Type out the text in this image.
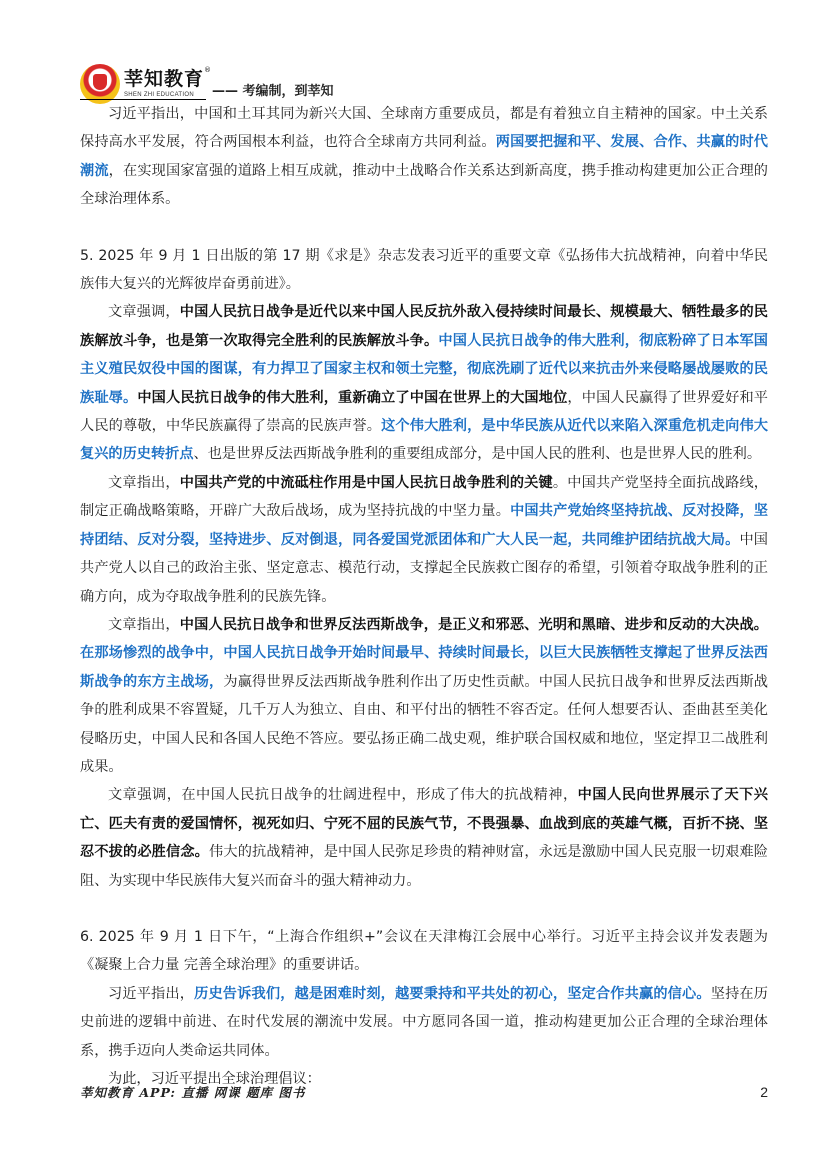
莘知教育 ®
SHEN ZHI EDUCATION	—— 考编制，到莘知

习近平指出，中国和土耳其同为新兴大国、全球南方重要成员，都是有着独立自主精神的国家。中土关系保持高水平发展，符合两国根本利益，也符合全球南方共同利益。两国要把握和平、发展、合作、共赢的时代潮流，在实现国家富强的道路上相互成就，推动中土战略合作关系达到新高度，携手推动构建更加公正合理的全球治理体系。

5. 2025 年 9 月 1 日出版的第 17 期《求是》杂志发表习近平的重要文章《弘扬伟大抗战精神，向着中华民族伟大复兴的光辉彼岸奋勇前进》。

文章强调，中国人民抗日战争是近代以来中国人民反抗外敌入侵持续时间最长、规模最大、牺牲最多的民族解放斗争，也是第一次取得完全胜利的民族解放斗争。中国人民抗日战争的伟大胜利，彻底粉碎了日本军国主义殖民奴役中国的图谋，有力捍卫了国家主权和领土完整，彻底洗刷了近代以来抗击外来侵略屡战屡败的民族耻辱。中国人民抗日战争的伟大胜利，重新确立了中国在世界上的大国地位，中国人民赢得了世界爱好和平人民的尊敬，中华民族赢得了崇高的民族声誉。这个伟大胜利，是中华民族从近代以来陷入深重危机走向伟大复兴的历史转折点、也是世界反法西斯战争胜利的重要组成部分，是中国人民的胜利、也是世界人民的胜利。

文章指出，中国共产党的中流砥柱作用是中国人民抗日战争胜利的关键。中国共产党坚持全面抗战路线，制定正确战略策略，开辟广大敌后战场，成为坚持抗战的中坚力量。中国共产党始终坚持抗战、反对投降，坚持团结、反对分裂，坚持进步、反对倒退，同各爱国党派团体和广大人民一起，共同维护团结抗战大局。中国共产党人以自己的政治主张、坚定意志、模范行动，支撑起全民族救亡图存的希望，引领着夺取战争胜利的正确方向，成为夺取战争胜利的民族先锋。

文章指出，中国人民抗日战争和世界反法西斯战争，是正义和邪恶、光明和黑暗、进步和反动的大决战。在那场惨烈的战争中，中国人民抗日战争开始时间最早、持续时间最长，以巨大民族牺牲支撑起了世界反法西斯战争的东方主战场，为赢得世界反法西斯战争胜利作出了历史性贡献。中国人民抗日战争和世界反法西斯战争的胜利成果不容置疑，几千万人为独立、自由、和平付出的牺牲不容否定。任何人想要否认、歪曲甚至美化侵略历史，中国人民和各国人民绝不答应。要弘扬正确二战史观，维护联合国权威和地位，坚定捍卫二战胜利成果。

文章强调，在中国人民抗日战争的壮阔进程中，形成了伟大的抗战精神，中国人民向世界展示了天下兴亡、匹夫有责的爱国情怀，视死如归、宁死不屈的民族气节，不畏强暴、血战到底的英雄气概，百折不挠、坚忍不拔的必胜信念。伟大的抗战精神，是中国人民弥足珍贵的精神财富，永远是激励中国人民克服一切艰难险阻、为实现中华民族伟大复兴而奋斗的强大精神动力。

6. 2025 年 9 月 1 日下午，“上海合作组织+”会议在天津梅江会展中心举行。习近平主持会议并发表题为《凝聚上合力量 完善全球治理》的重要讲话。

习近平指出，历史告诉我们，越是困难时刻，越要秉持和平共处的初心，坚定合作共赢的信心。坚持在历史前进的逻辑中前进、在时代发展的潮流中发展。中方愿同各国一道，推动构建更加公正合理的全球治理体系，携手迈向人类命运共同体。

为此，习近平提出全球治理倡议：

莘知教育 APP: 直播 网课 题库 图书	2
